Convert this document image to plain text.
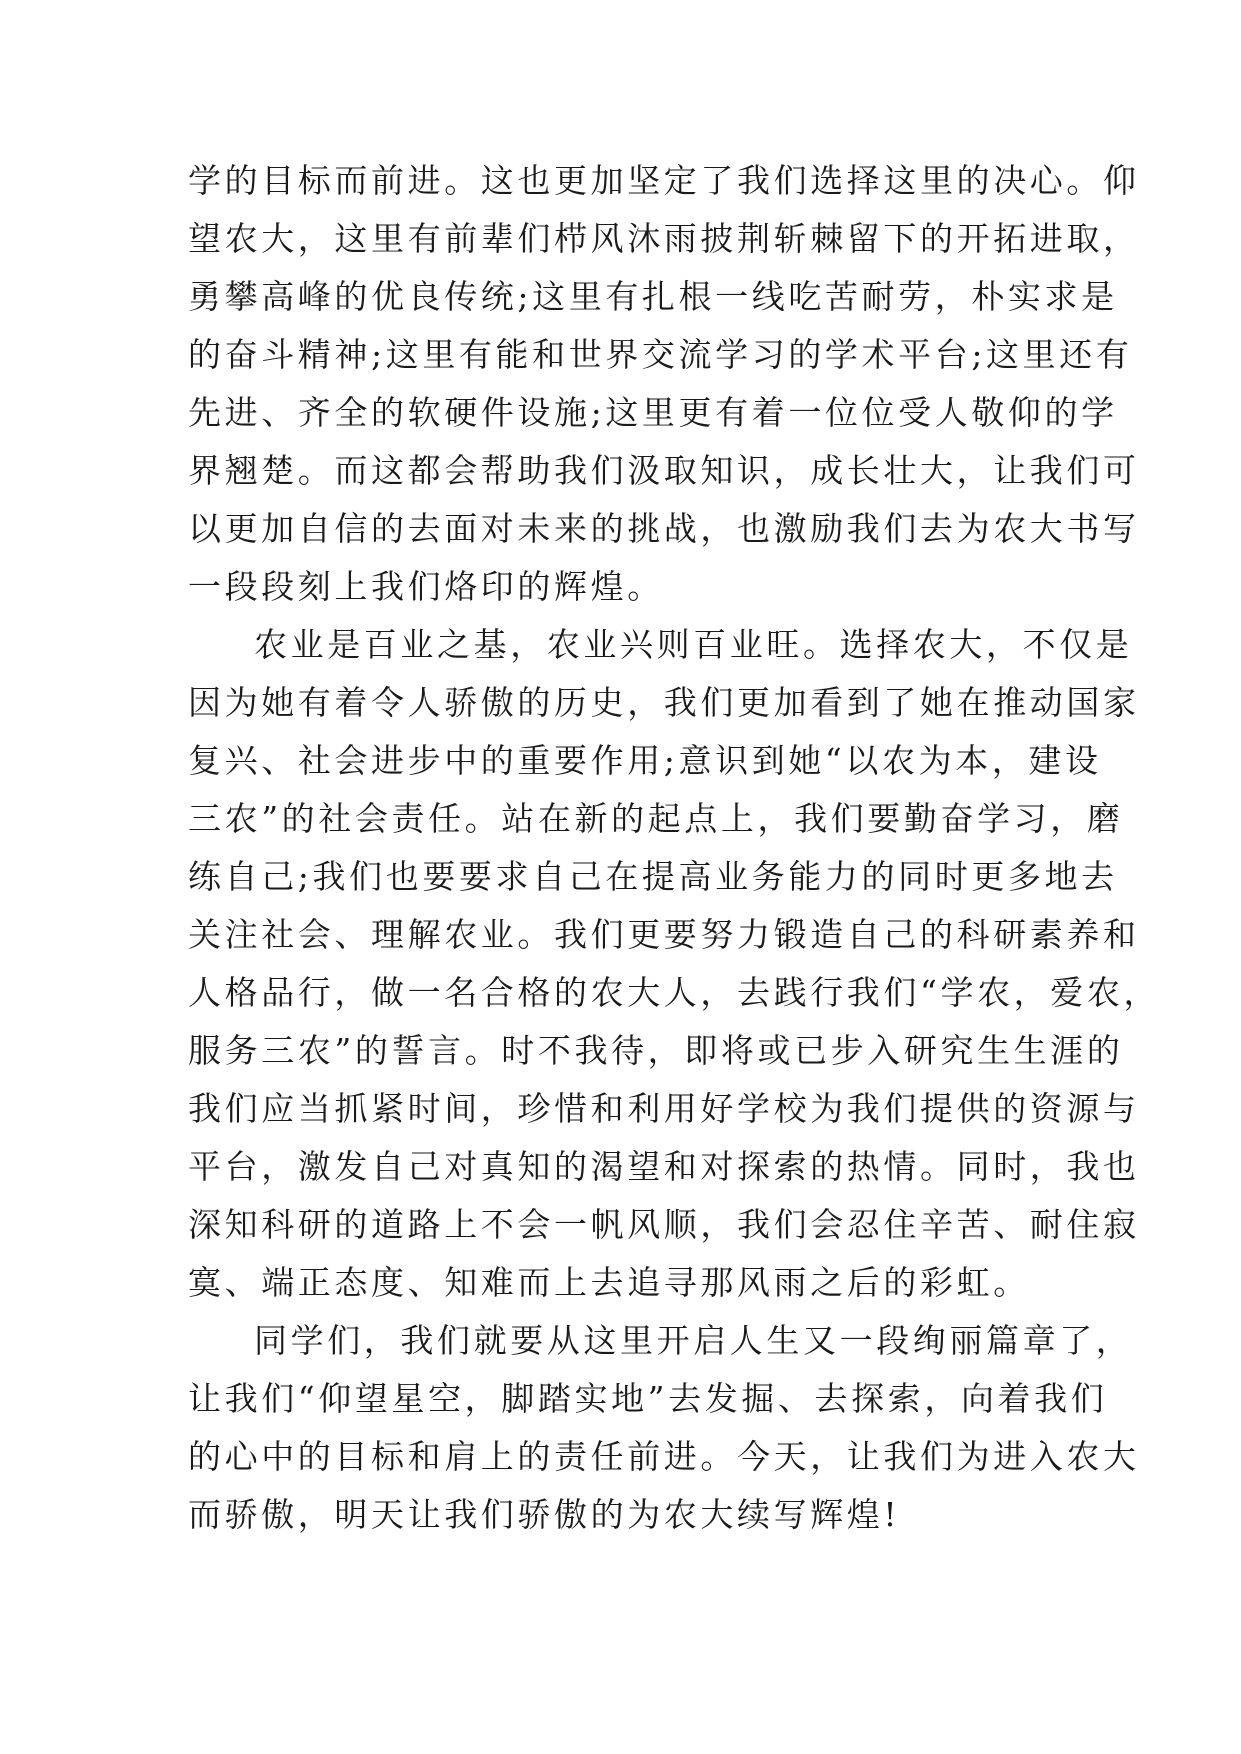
学的目标而前进。这也更加坚定了我们选择这里的决心。仰
望农大，这里有前辈们栉风沐雨披荆斩棘留下的开拓进取，
勇攀高峰的优良传统;这里有扎根一线吃苦耐劳，朴实求是
的奋斗精神;这里有能和世界交流学习的学术平台;这里还有
先进、齐全的软硬件设施;这里更有着一位位受人敬仰的学
界翘楚。而这都会帮助我们汲取知识，成长壮大，让我们可
以更加自信的去面对未来的挑战，也激励我们去为农大书写
一段段刻上我们烙印的辉煌。
农业是百业之基，农业兴则百业旺。选择农大，不仅是
因为她有着令人骄傲的历史，我们更加看到了她在推动国家
复兴、社会进步中的重要作用;意识到她“以农为本，建设
三农”的社会责任。站在新的起点上，我们要勤奋学习，磨
练自己;我们也要要求自己在提高业务能力的同时更多地去
关注社会、理解农业。我们更要努力锻造自己的科研素养和
人格品行，做一名合格的农大人，去践行我们“学农，爱农，
服务三农”的誓言。时不我待，即将或已步入研究生生涯的
我们应当抓紧时间，珍惜和利用好学校为我们提供的资源与
平台，激发自己对真知的渴望和对探索的热情。同时，我也
深知科研的道路上不会一帆风顺，我们会忍住辛苦、耐住寂
寞、端正态度、知难而上去追寻那风雨之后的彩虹。
同学们，我们就要从这里开启人生又一段绚丽篇章了，
让我们“仰望星空，脚踏实地”去发掘、去探索，向着我们
的心中的目标和肩上的责任前进。今天，让我们为进入农大
而骄傲，明天让我们骄傲的为农大续写辉煌!
